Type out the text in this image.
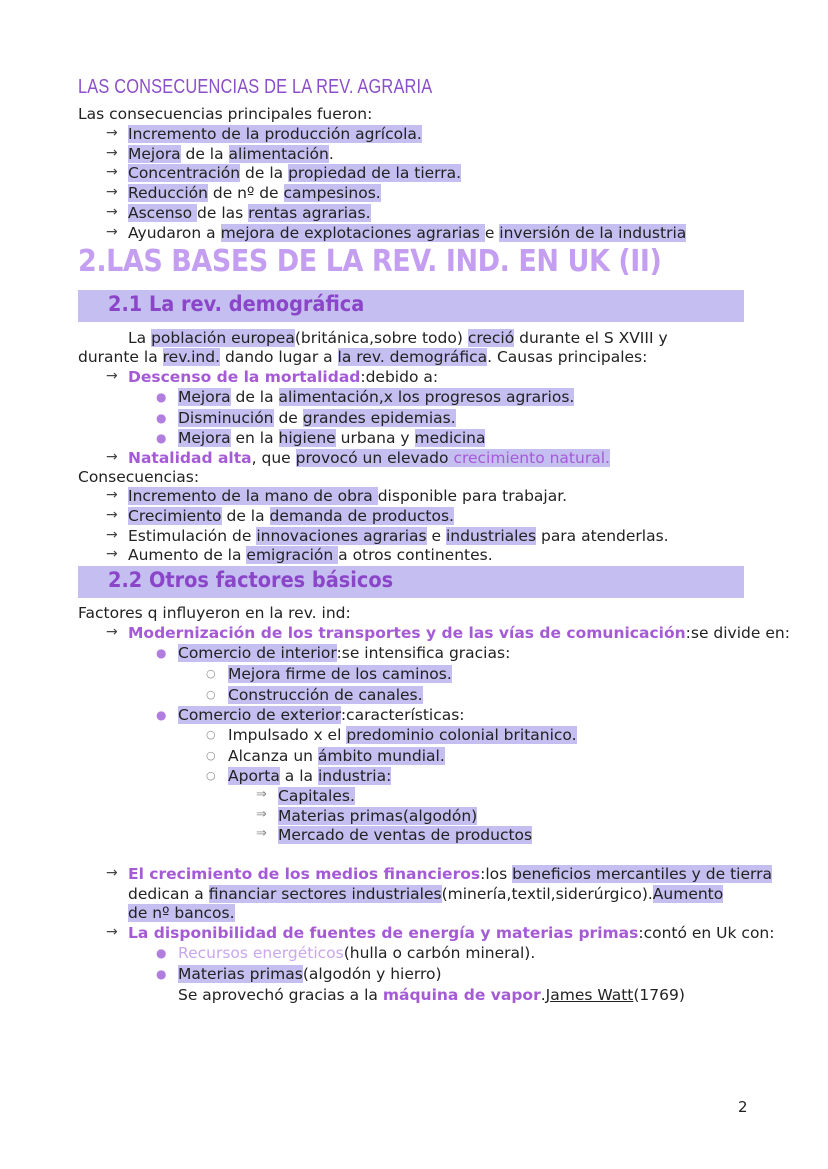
LAS CONSECUENCIAS DE LA REV. AGRARIA
Las consecuencias principales fueron:
2.LAS BASES DE LA REV. IND. EN UK (II)
2.1 La rev. demográfica
2.2 Otros factores básicos
2
→ Incremento de la producción agrícola.
→ Mejora de la alimentación.
→ Concentración de la propiedad de la tierra.
→ Reducción de nº de campesinos.
→ Ascenso de las rentas agrarias.
→ Ayudaron a mejora de explotaciones agrarias e inversión de la industria
La población europea(británica,sobre todo) creció durante el S XVIII y
durante la rev.ind. dando lugar a la rev. demográfica. Causas principales:
→ Descenso de la mortalidad:debido a:
● Mejora de la alimentación,x los progresos agrarios.
● Disminución de grandes epidemias.
● Mejora en la higiene urbana y medicina
→ Natalidad alta, que provocó un elevado crecimiento natural.
Consecuencias:
→ Incremento de la mano de obra disponible para trabajar.
→ Crecimiento de la demanda de productos.
→ Estimulación de innovaciones agrarias e industriales para atenderlas.
→ Aumento de la emigración a otros continentes.
Factores q influyeron en la rev. ind:
→ Modernización de los transportes y de las vías de comunicación:se divide en:
● Comercio de interior:se intensifica gracias:
○ Mejora firme de los caminos.
○ Construcción de canales.
● Comercio de exterior:características:
○ Impulsado x el predominio colonial britanico.
○ Alcanza un ámbito mundial.
○ Aporta a la industria:
⇒ Capitales.
⇒ Materias primas(algodón)
⇒ Mercado de ventas de productos
→ El crecimiento de los medios financieros:los beneficios mercantiles y de tierra
dedican a financiar sectores industriales(minería,textil,siderúrgico).Aumento
de nº bancos.
→ La disponibilidad de fuentes de energía y materias primas:contó en Uk con:
● Recursos energéticos(hulla o carbón mineral).
● Materias primas(algodón y hierro)
Se aprovechó gracias a la máquina de vapor.James Watt(1769)
